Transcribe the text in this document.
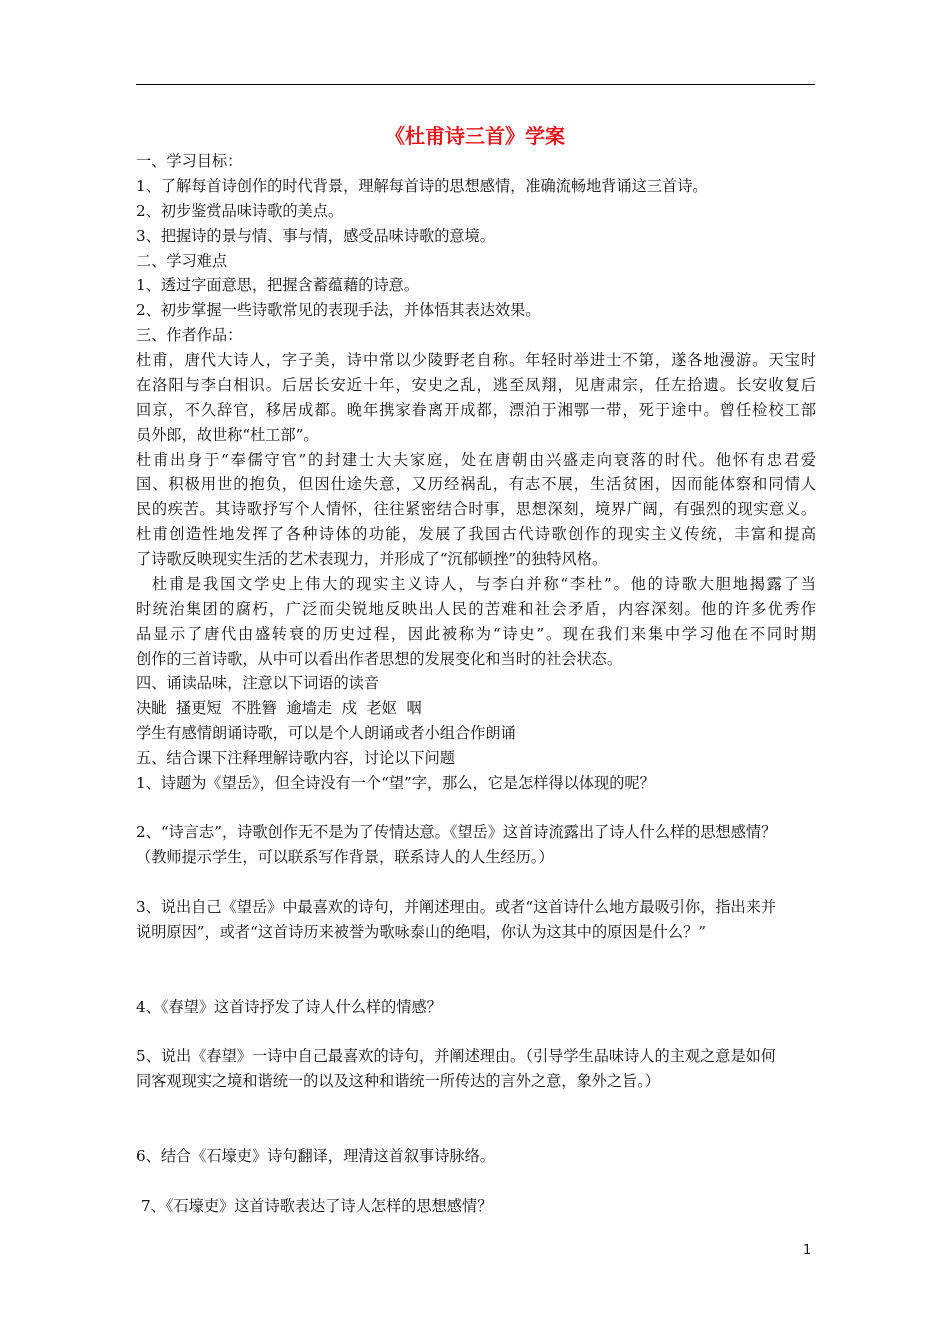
《杜甫诗三首》学案
一、学习目标：
1、了解每首诗创作的时代背景，理解每首诗的思想感情，准确流畅地背诵这三首诗。
2、初步鉴赏品味诗歌的美点。
3、把握诗的景与情、事与情，感受品味诗歌的意境。
二、学习难点
1、透过字面意思，把握含蓄蕴藉的诗意。
2、初步掌握一些诗歌常见的表现手法，并体悟其表达效果。
三、作者作品：
杜甫，唐代大诗人，字子美，诗中常以少陵野老自称。年轻时举进士不第，遂各地漫游。天宝时
在洛阳与李白相识。后居长安近十年，安史之乱，逃至凤翔，见唐肃宗，任左拾遗。长安收复后
回京，不久辞官，移居成都。晚年携家眷离开成都，漂泊于湘鄂一带，死于途中。曾任检校工部
员外郎，故世称“杜工部”。
杜甫出身于“奉儒守官”的封建士大夫家庭，处在唐朝由兴盛走向衰落的时代。他怀有忠君爱
国、积极用世的抱负，但因仕途失意，又历经祸乱，有志不展，生活贫困，因而能体察和同情人
民的疾苦。其诗歌抒写个人情怀，往往紧密结合时事，思想深刻，境界广阔，有强烈的现实意义。
杜甫创造性地发挥了各种诗体的功能，发展了我国古代诗歌创作的现实主义传统，丰富和提高
了诗歌反映现实生活的艺术表现力，并形成了“沉郁顿挫”的独特风格。
杜甫是我国文学史上伟大的现实主义诗人，与李白并称“李杜”。他的诗歌大胆地揭露了当
时统治集团的腐朽，广泛而尖锐地反映出人民的苦难和社会矛盾，内容深刻。他的许多优秀作
品显示了唐代由盛转衰的历史过程，因此被称为“诗史”。现在我们来集中学习他在不同时期
创作的三首诗歌，从中可以看出作者思想的发展变化和当时的社会状态。
四、诵读品味，注意以下词语的读音
决眦  搔更短  不胜簪  逾墙走  戍  老妪  咽
学生有感情朗诵诗歌，可以是个人朗诵或者小组合作朗诵
五、结合课下注释理解诗歌内容，讨论以下问题
1、诗题为《望岳》，但全诗没有一个“望”字，那么，它是怎样得以体现的呢？
2、“诗言志”，诗歌创作无不是为了传情达意。《望岳》这首诗流露出了诗人什么样的思想感情？
（教师提示学生，可以联系写作背景，联系诗人的人生经历。）
3、说出自己《望岳》中最喜欢的诗句，并阐述理由。或者“这首诗什么地方最吸引你，指出来并
说明原因”，或者“这首诗历来被誉为歌咏泰山的绝唱，你认为这其中的原因是什么？”
4、《春望》这首诗抒发了诗人什么样的情感？
5、说出《春望》一诗中自己最喜欢的诗句，并阐述理由。（引导学生品味诗人的主观之意是如何
同客观现实之境和谐统一的以及这种和谐统一所传达的言外之意，象外之旨。）
6、结合《石壕吏》诗句翻译，理清这首叙事诗脉络。
7、《石壕吏》这首诗歌表达了诗人怎样的思想感情？
1
